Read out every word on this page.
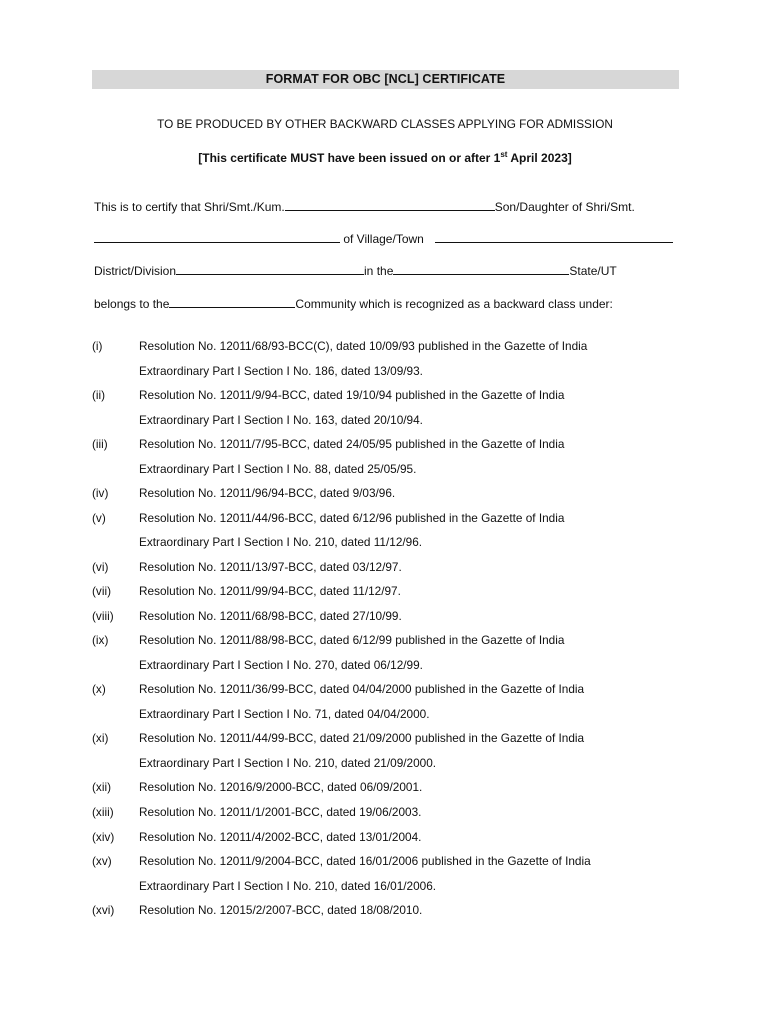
FORMAT FOR OBC [NCL] CERTIFICATE
TO BE PRODUCED BY OTHER BACKWARD CLASSES APPLYING FOR ADMISSION
[This certificate MUST have been issued on or after 1st April 2023]
This is to certify that Shri/Smt./Kum.	Son/Daughter of Shri/Smt.
of Village/Town
District/Division	in the	State/UT
belongs to the	Community which is recognized as a backward class under:
(i)	Resolution No. 12011/68/93-BCC(C), dated 10/09/93 published in the Gazette of India
Extraordinary Part I Section I No. 186, dated 13/09/93.
(ii)	Resolution No. 12011/9/94-BCC, dated 19/10/94 published in the Gazette of India
Extraordinary Part I Section I No. 163, dated 20/10/94.
(iii)	Resolution No. 12011/7/95-BCC, dated 24/05/95 published in the Gazette of India
Extraordinary Part I Section I No. 88, dated 25/05/95.
(iv)	Resolution No. 12011/96/94-BCC, dated 9/03/96.
(v)	Resolution No. 12011/44/96-BCC, dated 6/12/96 published in the Gazette of India
Extraordinary Part I Section I No. 210, dated 11/12/96.
(vi)	Resolution No. 12011/13/97-BCC, dated 03/12/97.
(vii) Resolution No. 12011/99/94-BCC, dated 11/12/97.
(viii) Resolution No. 12011/68/98-BCC, dated 27/10/99.
(ix)	Resolution No. 12011/88/98-BCC, dated 6/12/99 published in the Gazette of India
Extraordinary Part I Section I No. 270, dated 06/12/99.
(x)	Resolution No. 12011/36/99-BCC, dated 04/04/2000 published in the Gazette of India
Extraordinary Part I Section I No. 71, dated 04/04/2000.
(xi)	Resolution No. 12011/44/99-BCC, dated 21/09/2000 published in the Gazette of India
Extraordinary Part I Section I No. 210, dated 21/09/2000.
(xii) Resolution No. 12016/9/2000-BCC, dated 06/09/2001.
(xiii) Resolution No. 12011/1/2001-BCC, dated 19/06/2003.
(xiv) Resolution No. 12011/4/2002-BCC, dated 13/01/2004.
(xv) Resolution No. 12011/9/2004-BCC, dated 16/01/2006 published in the Gazette of India
Extraordinary Part I Section I No. 210, dated 16/01/2006.
(xvi) Resolution No. 12015/2/2007-BCC, dated 18/08/2010.
